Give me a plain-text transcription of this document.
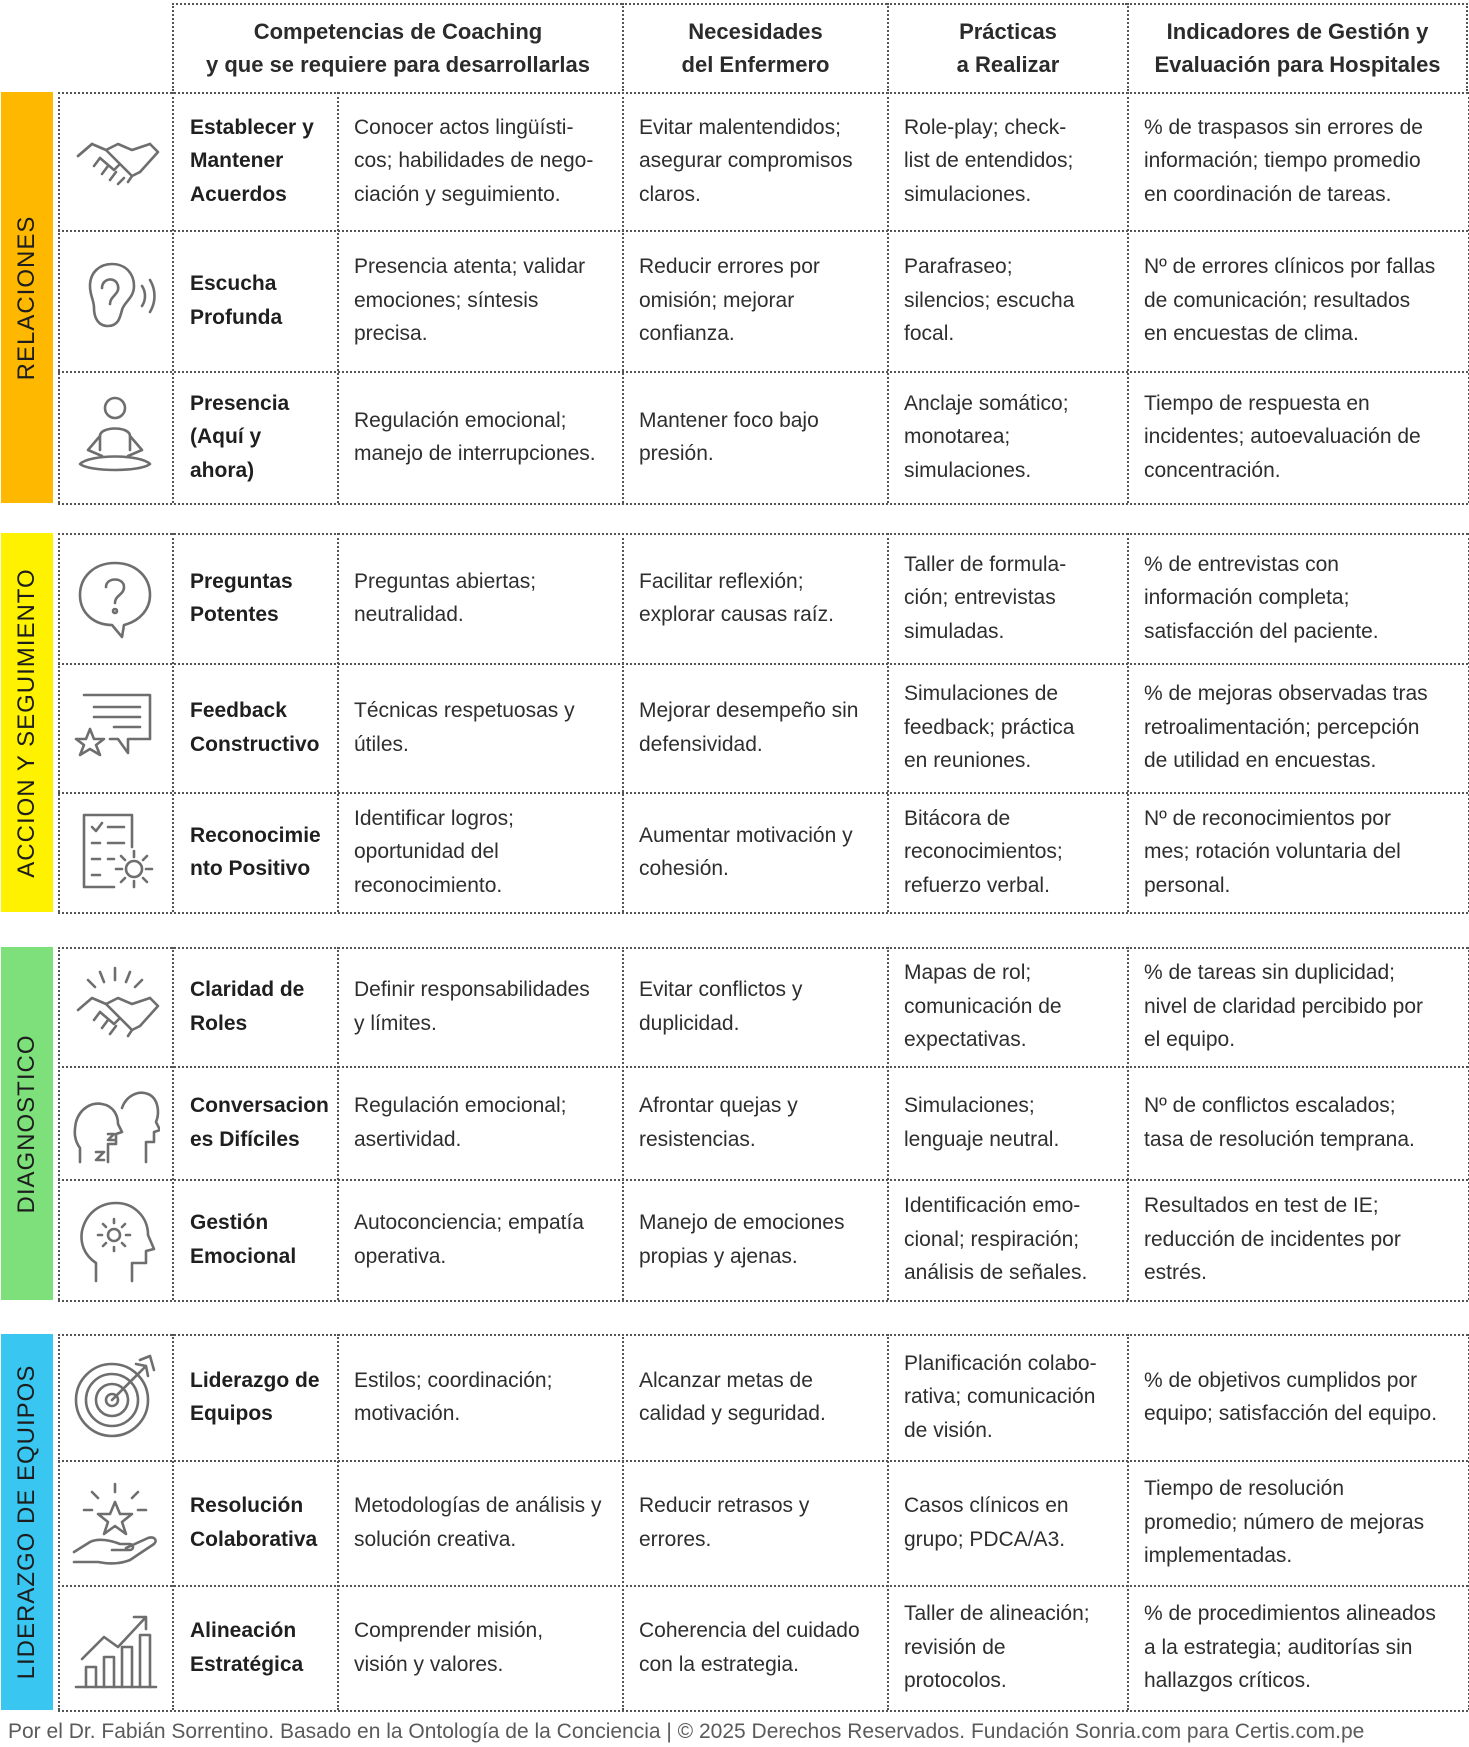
Competencias de Coaching
y que se requiere para desarrollarlas
Necesidades
del Enfermero
Prácticas
a Realizar
Indicadores de Gestión y
Evaluación para Hospitales
RELACIONES
Establecer y
Mantener
Acuerdos
Conocer actos lingüísti-
cos; habilidades de nego-
ciación y seguimiento.
Evitar malentendidos;
asegurar compromisos
claros.
Role-play; check-
list de entendidos;
simulaciones.
% de traspasos sin errores de
información; tiempo promedio
en coordinación de tareas.
Escucha
Profunda
Presencia atenta; validar
emociones; síntesis
precisa.
Reducir errores por
omisión; mejorar
confianza.
Parafraseo;
silencios; escucha
focal.
Nº de errores clínicos por fallas
de comunicación; resultados
en encuestas de clima.
Presencia
(Aquí y ahora)
Regulación emocional;
manejo de interrupciones.
Mantener foco bajo
presión.
Anclaje somático;
monotarea;
simulaciones.
Tiempo de respuesta en
incidentes; autoevaluación de
concentración.
ACCION Y SEGUIMIENTO	Preguntas
Potentes
Preguntas abiertas;
neutralidad.
Facilitar reflexión;
explorar causas raíz.
Taller de formula-
ción; entrevistas
simuladas.
% de entrevistas con
información completa;
satisfacción del paciente.
Feedback
Constructivo
Técnicas respetuosas y
útiles.
Mejorar desempeño sin
defensividad.
Simulaciones de
feedback; práctica
en reuniones.
% de mejoras observadas tras
retroalimentación; percepción
de utilidad en encuestas.
Reconocimie
nto Positivo
Identificar logros;
oportunidad del
reconocimiento.
Aumentar motivación y
cohesión.
Bitácora de
reconocimientos;
refuerzo verbal.
Nº de reconocimientos por
mes; rotación voluntaria del
personal.
DIAGNOSTICO
Claridad de
Roles
Definir responsabilidades
y límites.
Evitar conflictos y
duplicidad.
Mapas de rol;
comunicación de
expectativas.
% de tareas sin duplicidad;
nivel de claridad percibido por
el equipo.
Conversacion
es Difíciles
Regulación emocional;
asertividad.
Afrontar quejas y
resistencias.
Simulaciones;
lenguaje neutral.
Nº de conflictos escalados;
tasa de resolución temprana.
Gestión
Emocional
Autoconciencia; empatía
operativa.
Manejo de emociones
propias y ajenas.
Identificación emo-
cional; respiración;
análisis de señales.
Resultados en test de IE;
reducción de incidentes por
estrés.
LIDERAZGO DE EQUIPOS	Liderazgo de
Equipos
Estilos; coordinación;
motivación.
Alcanzar metas de
calidad y seguridad.
Planificación colabo-
rativa; comunicación
de visión.
% de objetivos cumplidos por
equipo; satisfacción del equipo.
Resolución
Colaborativa
Metodologías de análisis y
solución creativa.
Reducir retrasos y
errores.
Casos clínicos en
grupo; PDCA/A3.
Tiempo de resolución
promedio; número de mejoras
implementadas.
Alineación
Estratégica
Comprender misión,
visión y valores.
Coherencia del cuidado
con la estrategia.
Taller de alineación;
revisión de
protocolos.
% de procedimientos alineados
a la estrategia; auditorías sin
hallazgos críticos.
Por el Dr. Fabián Sorrentino. Basado en la Ontología de la Conciencia | © 2025 Derechos Reservados. Fundación Sonria.com para Certis.com.pe
